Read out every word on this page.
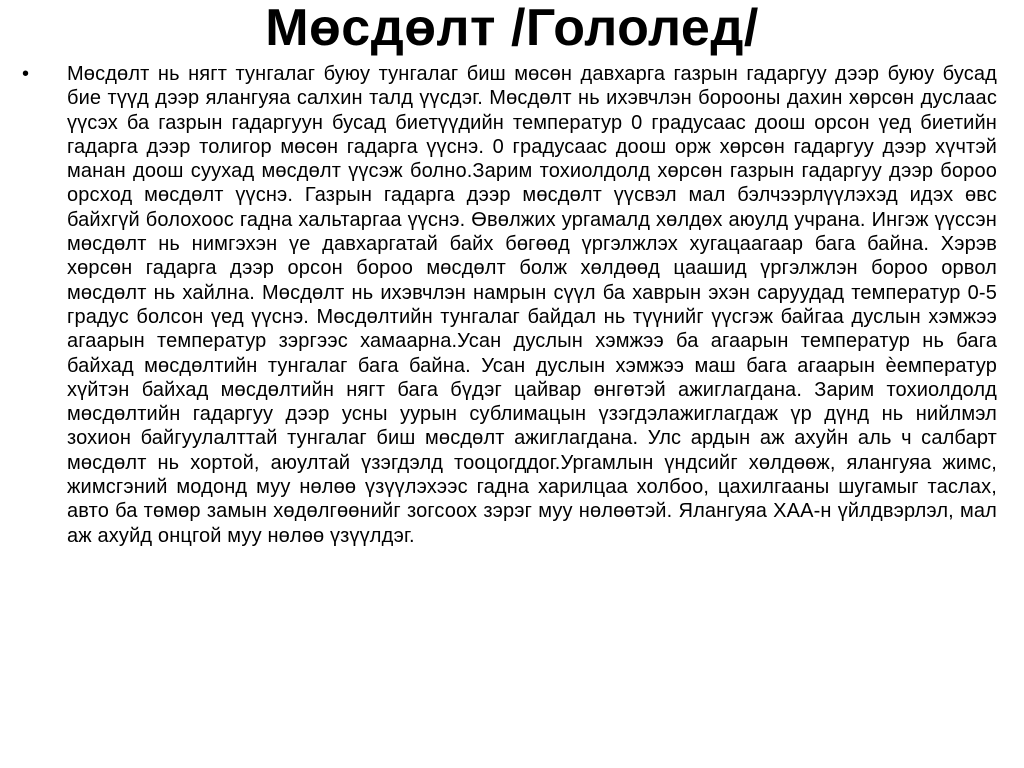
Мөсдөлт /Гололед/
•	Мөсдөлт нь нягт тунгалаг буюу тунгалаг биш мөсөн давхарга газрын гадаргуу дээр буюу бусад бие түүд дээр ялангуяа салхин талд үүсдэг. Мөсдөлт нь ихэвчлэн борооны дахин хөрсөн дуслаас үүсэх ба газрын гадаргуун бусад биетүүдийн температур 0 градусаас доош орсон үед биетийн гадарга дээр толигор мөсөн гадарга үүснэ. 0 градусаас доош орж хөрсөн гадаргуу дээр хүчтэй манан доош суухад мөсдөлт үүсэж болно.Зарим тохиолдолд хөрсөн газрын гадаргуу дээр бороо орсход мөсдөлт үүснэ. Газрын гадарга дээр мөсдөлт үүсвэл мал бэлчээрлүүлэхэд идэх өвс байхгүй болохоос гадна хальтаргаа үүснэ. Өвөлжих ургамалд хөлдөх аюулд учрана. Ингэж үүссэн мөсдөлт нь нимгэхэн үе давхаргатай байх бөгөөд үргэлжлэх хугацаагаар бага байна. Хэрэв хөрсөн гадарга дээр орсон бороо мөсдөлт болж хөлдөөд цаашид үргэлжлэн бороо орвол мөсдөлт нь хайлна. Мөсдөлт нь ихэвчлэн намрын сүүл ба хаврын эхэн саруудад температур 0-5 градус болсон үед үүснэ. Мөсдөлтийн тунгалаг байдал нь түүнийг үүсгэж байгаа дуслын хэмжээ агаарын температур зэргээс хамаарна.Усан дуслын хэмжээ ба агаарын температур нь бага байхад мөсдөлтийн тунгалаг бага байна. Усан дуслын хэмжээ маш бага агаарын ѐемператур хүйтэн байхад мөсдөлтийн нягт бага бүдэг цайвар өнгөтэй ажиглагдана. Зарим тохиолдолд мөсдөлтийн гадаргуу дээр усны уурын сублимацын үзэгдэлажиглагдаж үр дүнд нь нийлмэл зохион байгуулалттай тунгалаг биш мөсдөлт ажиглагдана. Улс ардын аж ахуйн аль ч салбарт мөсдөлт нь хортой, аюултай үзэгдэлд тооцогддог.Ургамлын үндсийг хөлдөөж, ялангуяа жимс, жимсгэний модонд муу нөлөө үзүүлэхээс гадна харилцаа холбоо, цахилгааны шугамыг таслах, авто ба төмөр замын хөдөлгөөнийг зогсоох зэрэг муу нөлөөтэй. Ялангуяа ХАА-н үйлдвэрлэл, мал аж ахуйд онцгой муу нөлөө үзүүлдэг.
